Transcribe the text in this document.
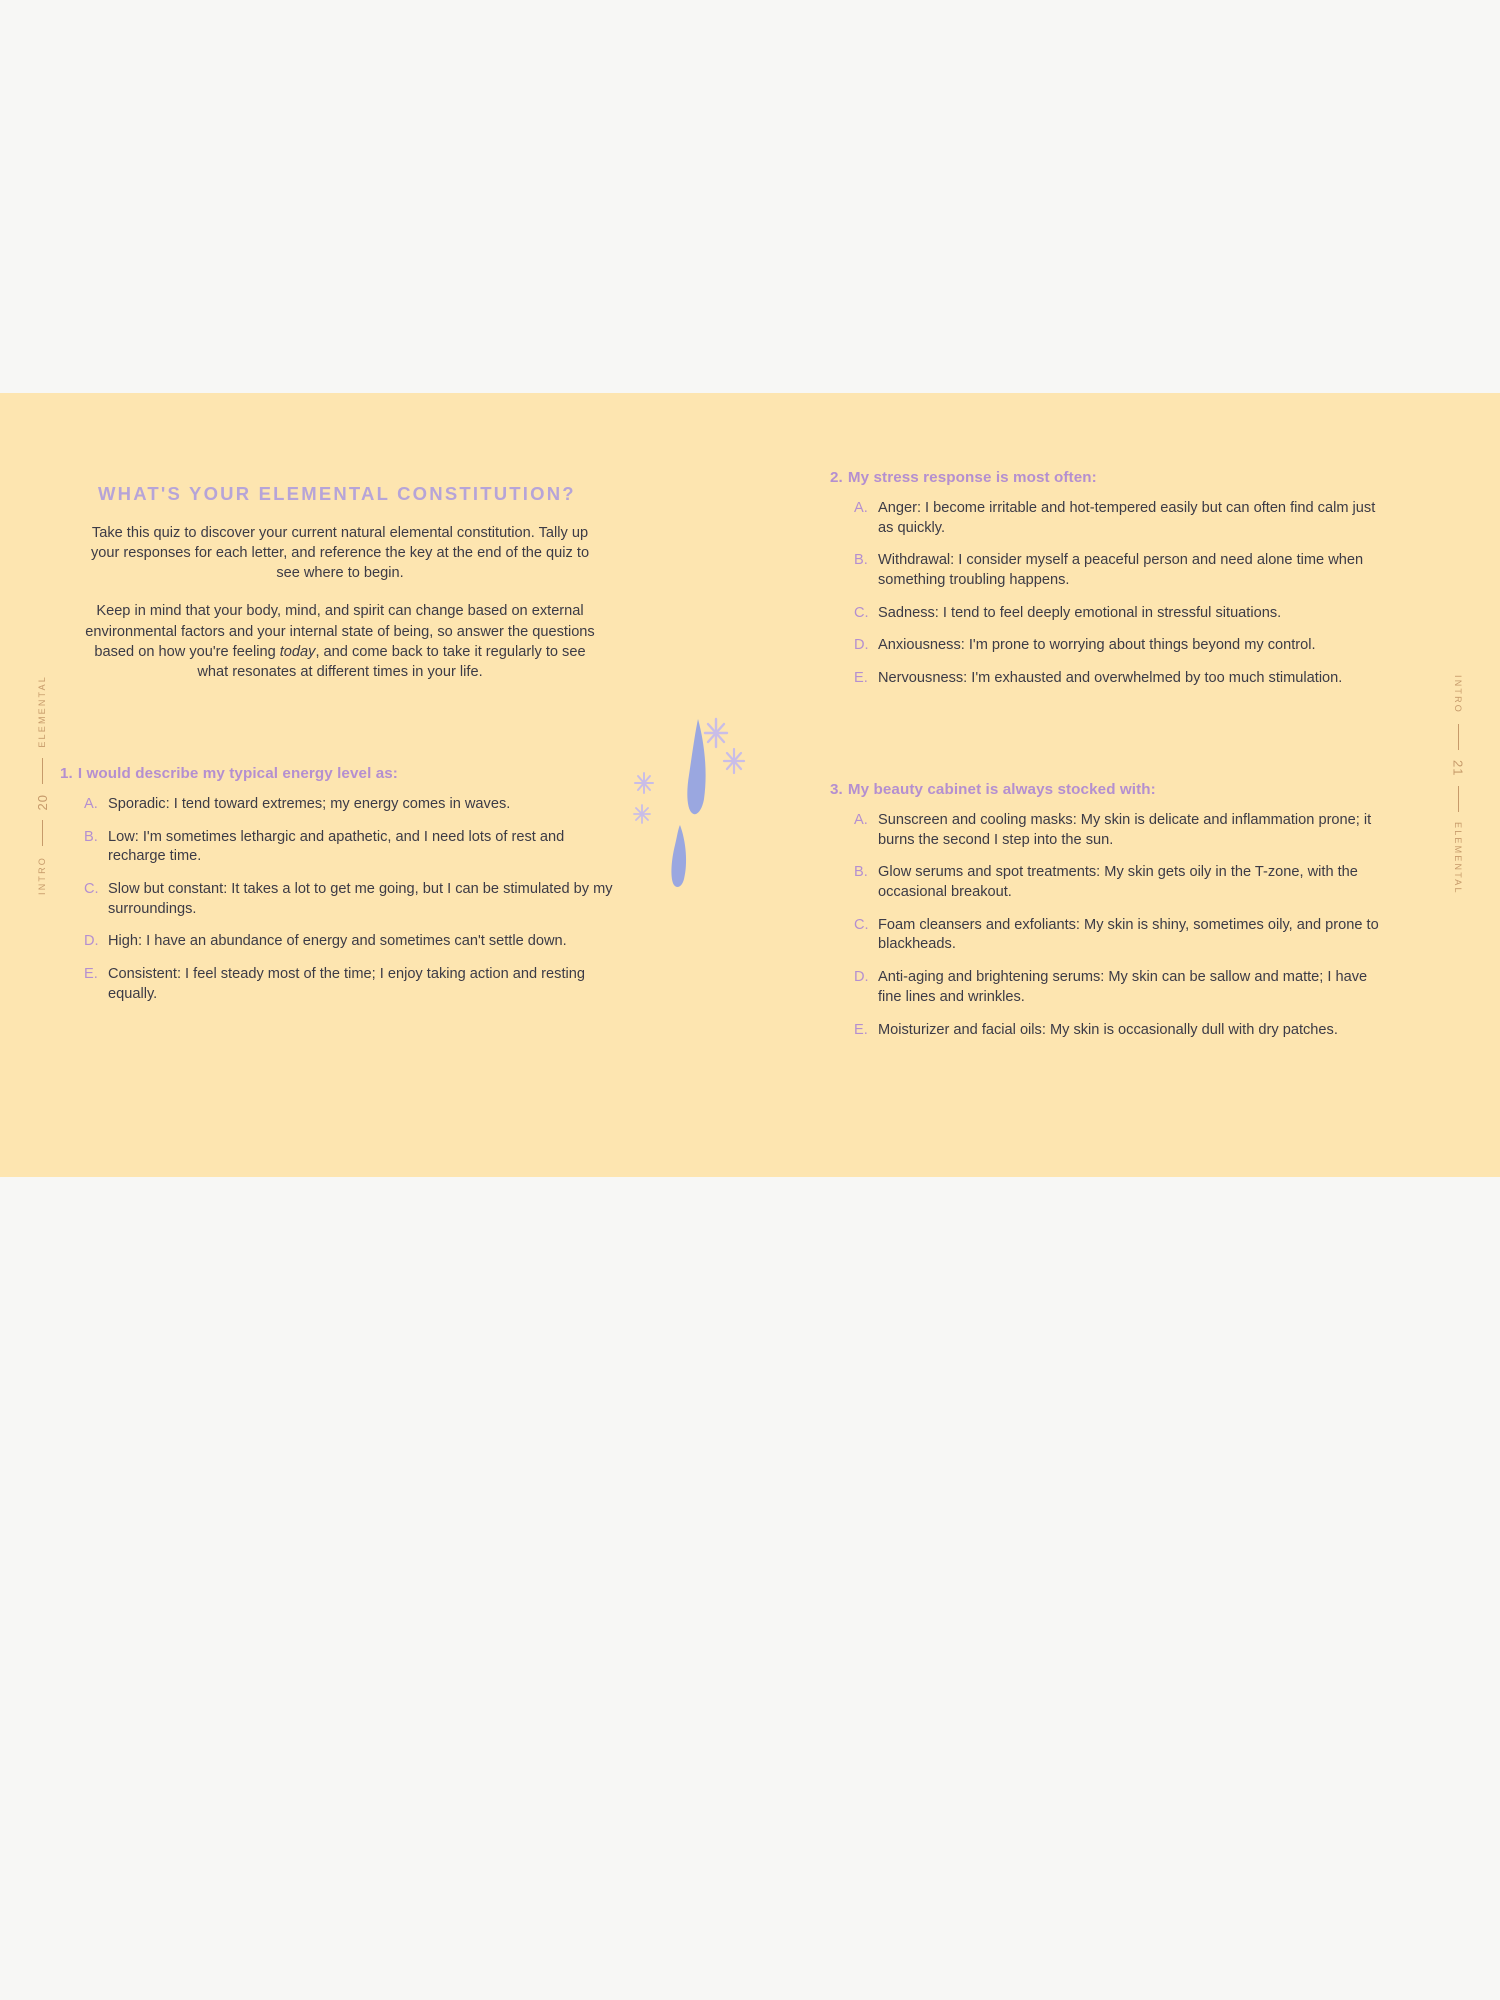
ELEMENTAL
20
INTRO
INTRO
21
ELEMENTAL
WHAT'S YOUR ELEMENTAL CONSTITUTION?

Take this quiz to discover your current natural elemental constitution. Tally up your responses for each letter, and reference the key at the end of the quiz to see where to begin.

Keep in mind that your body, mind, and spirit can change based on external environmental factors and your internal state of being, so answer the questions based on how you're feeling today, and come back to take it regularly to see what resonates at different times in your life.

1. I would describe my typical energy level as:
A. Sporadic: I tend toward extremes; my energy comes in waves.
B. Low: I'm sometimes lethargic and apathetic, and I need lots of rest and recharge time.
C. Slow but constant: It takes a lot to get me going, but I can be stimulated by my surroundings.
D. High: I have an abundance of energy and sometimes can't settle down.
E. Consistent: I feel steady most of the time; I enjoy taking action and resting equally.
2. My stress response is most often:
A. Anger: I become irritable and hot-tempered easily but can often find calm just as quickly.
B. Withdrawal: I consider myself a peaceful person and need alone time when something troubling happens.
C. Sadness: I tend to feel deeply emotional in stressful situations.
D. Anxiousness: I'm prone to worrying about things beyond my control.
E. Nervousness: I'm exhausted and overwhelmed by too much stimulation.
3. My beauty cabinet is always stocked with:
A. Sunscreen and cooling masks: My skin is delicate and inflammation prone; it burns the second I step into the sun.
B. Glow serums and spot treatments: My skin gets oily in the T-zone, with the occasional breakout.
C. Foam cleansers and exfoliants: My skin is shiny, sometimes oily, and prone to blackheads.
D. Anti-aging and brightening serums: My skin can be sallow and matte; I have fine lines and wrinkles.
E. Moisturizer and facial oils: My skin is occasionally dull with dry patches.
